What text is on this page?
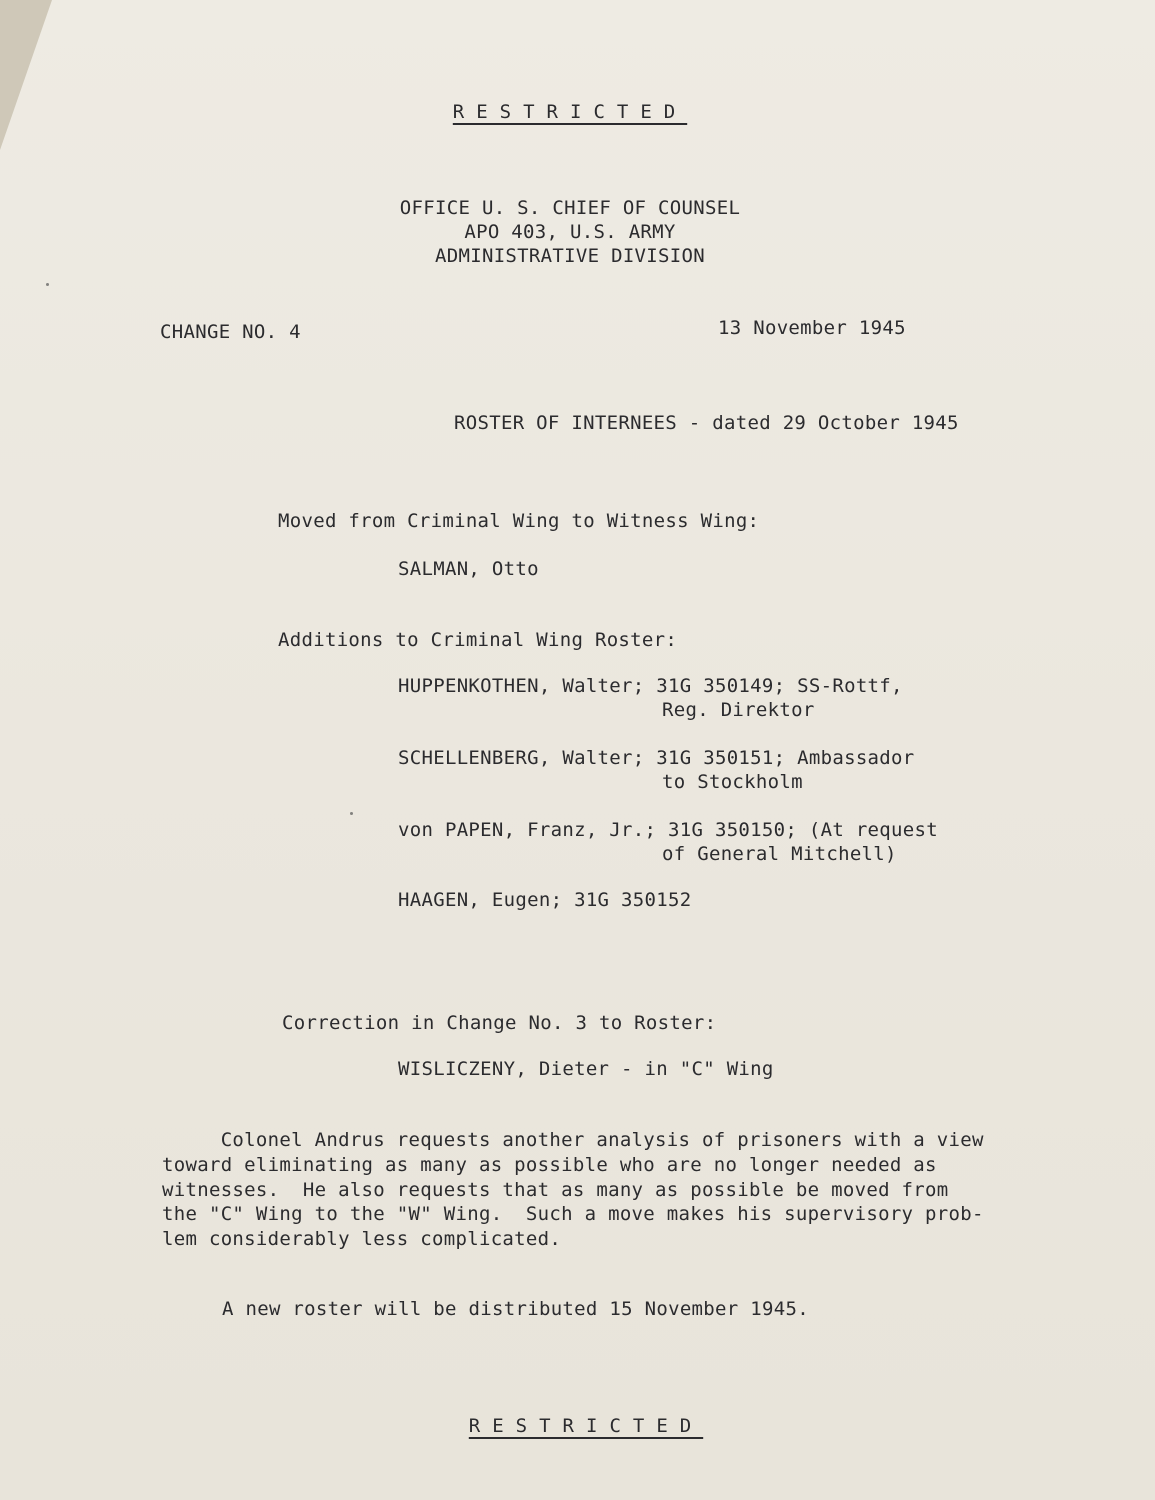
RESTRICTED
OFFICE U. S. CHIEF OF COUNSEL
APO 403, U.S. ARMY
ADMINISTRATIVE DIVISION
CHANGE NO. 4	13 November 1945
ROSTER OF INTERNEES - dated 29 October 1945
Moved from Criminal Wing to Witness Wing:
SALMAN, Otto
Additions to Criminal Wing Roster:
HUPPENKOTHEN, Walter; 31G 350149; SS-Rottf,
Reg. Direktor
SCHELLENBERG, Walter; 31G 350151; Ambassador
to Stockholm
von PAPEN, Franz, Jr.; 31G 350150; (At request
of General Mitchell)
HAAGEN, Eugen; 31G 350152
Correction in Change No. 3 to Roster:
WISLICZENY, Dieter - in "C" Wing
Colonel Andrus requests another analysis of prisoners with a view
toward eliminating as many as possible who are no longer needed as
witnesses.  He also requests that as many as possible be moved from
the "C" Wing to the "W" Wing.  Such a move makes his supervisory prob-
lem considerably less complicated.
A new roster will be distributed 15 November 1945.
RESTRICTED
